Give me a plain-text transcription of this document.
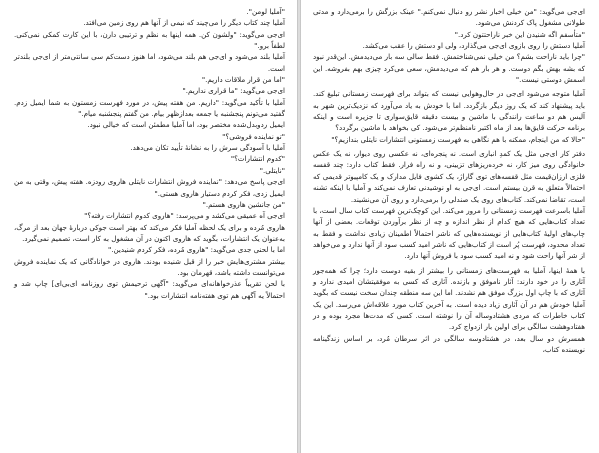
"آملیا لومن".

آملیا چند کتاب دیگر را می‌چیند که نیمی از آنها هم روی زمین می‌افتد.

ای‌جی می‌گوید: "ولشون کن. همه اینها به نظم و ترتیبی دارن، با این کارت کمکی نمی‌کنی. لطفاً برو."

آملیا بلند می‌شود و ای‌جی هم بلند می‌شود، اما هنوز دست‌کم سی سانتی‌متر از ای‌جی بلندتر است.

"اما من قرار ملاقات داریم."

ای‌جی می‌گوید: "ما قراری نداریم."

آملیا با تأکید می‌گوید: "داریم. من هفته پیش، در مورد فهرست زمستون به شما ایمیل زدم. گفتید می‌تونم پنجشنبه یا جمعه بعدازظهر بیام. من گفتم پنجشنبه میام."

ایمیل ردوبدل‌شده مختصر بود، اما آملیا مطمئن است که خیالی نبود.

"تو نماینده فروشی؟"

آملیا با آسودگی سرش را به نشانهٔ تأیید تکان می‌دهد.

"کدوم انتشارات؟"

"نایتلی."

ای‌جی پاسخ می‌دهد: "نماینده فروش انتشارات نایتلی هاروی رودزه. هفته پیش، وقتی به من ایمیل زدی، فکر کردم دستیار هاروی هستی."

"من جانشین هاروی هستم."

ای‌جی آه عمیقی می‌کشد و می‌پرسد: "هاروی کدوم انتشارات رفته؟"

هاروی مُرده و برای یک لحظه آملیا فکر می‌کند که بهتر است جوکی دربارهٔ جهان بعد از مرگ، به‌عنوان یک انتشارات، بگوید که هاروی اکنون در آن مشغول به کار است، تصمیم نمی‌گیرد.

اما با لحنی جدی می‌گوید: "هاروی مُرده، فکر کردم شنیدین."

بیشتر مشتری‌هایش خبر را از قبل شنیده بودند. هاروی در خوانادگانی که یک نماینده فروش می‌توانست داشته باشد، قهرمان بود.

با لحن تقریباً عذرخواهانه‌ای می‌گوید: "آگهی ترحیمش توی روزنامه ای‌بی‌ای] چاپ شد و احتمالاً یه آگهی هم توی هفته‌نامه انتشارات بود."

ای‌جی می‌گوید: "من خیلی اخبار نشر رو دنبال نمی‌کنم." عینک بزرگش را برمی‌دارد و مدتی طولانی مشغول پاک کردنش می‌شود.

"متأسفم اگه شنیدن این خبر ناراحتتون کرد."

آملیا دستش را روی بازوی ای‌جی می‌گذارد، ولی او دستش را عقب می‌کشد.

"چرا باید ناراحت بشم؟ من خیلی نمی‌شناختمش. فقط سالی سه بار می‌دیدمش. این‌قدر نبود که بشه بهش بگم دوست. و هر بار هم که می‌دیدمش، سعی می‌کرد چیزی بهم بفروشه. این اسمش دوستی نیست."

آملیا متوجه می‌شود ای‌جی در حال‌وهوایی نیست که بتواند برای فهرست زمستانی تبلیغ کند. باید پیشنهاد کند که یک روز دیگر بازگردد. اما با خودش به یاد می‌آورد که نزدیک‌ترین شهر به آلیس هم دو ساعت رانندگی با ماشین و بیست دقیقه قایق‌سواری تا جزیره است و اینکه برنامه حرکت قایق‌ها بعد از ماه اکتبر نامنظم‌تر می‌شود. کی بخواهد با ماشین برگردد؟

"حالا که من اینجام، ممکنه با هم نگاهی به فهرست زمستونی انتشارات نایتلی بندازیم؟"

دفتر کار ای‌جی مثل یک کمدِ انباری است. نه پنجره‌ای، نه عکسی روی دیوار، نه یک عکس خانوادگی روی میز کار، نه خرده‌ریزهای تزیینی، و نه راه فرار. فقط کتاب دارد: چند قفسه فلزی ارزان‌قیمت مثل قفسه‌های توی گاراژ، یک کشوی فایل مدارک و یک کامپیوتر قدیمی که احتمالاً متعلق به قرن بیستم است. ای‌جی به او نوشیدنی تعارف نمی‌کند و آملیا با اینکه تشنه است، تقاضا نمی‌کند. کتاب‌های روی یک صندلی را برمی‌دارد و روی آن می‌نشیند.

آملیا باسرعت فهرست زمستانی را مرور می‌کند. این کوچک‌ترین فهرست کتاب سال است، با تعداد کتاب‌هایی که هیچ کدام از نظر اندازه و چه از نظر برآوردن توقعات. بعضی از آنها چاپ‌های اولیهٔ کتاب‌هایی از نویسنده‌هایی که ناشر احتمالاً اطمینان زیادی نداشت و فقط به تعداد محدود، فهرست پُر است از کتاب‌هایی که ناشر امید کسب سود از آنها ندارد و می‌خواهد از شر آنها راحت شود و نه امید کسب سود با فروش آنها دارد.

با همهٔ اینها، آملیا به فهرست‌های زمستانی را بیشتر از بقیه دوست دارد؛ چرا که همه‌جور آثاری را در خود دارند: آثار ناموفق و بازنده. آثاری که کسی به موفقیتشان امیدی ندارد و آثاری که با چاپ اول بزرگ موفق هم نشدند. اما این سه منطقه چندان سخت نیست که بگوید آملیا خودش هم در آن آثاری زیاد دیده است. به آخرین کتاب مورد علاقه‌اش می‌رسد. این یک کتاب خاطرات که مردی هشتادوساله آن را نوشته است. کسی که مدت‌ها مجرد بوده و در هفتادوهشت سالگی برای اولین بار ازدواج کرد.

همسرش دو سال بعد، در هشتادوسه سالگی در اثر سرطان مُرد، بر اساس زندگینامه نویسنده کتاب،
